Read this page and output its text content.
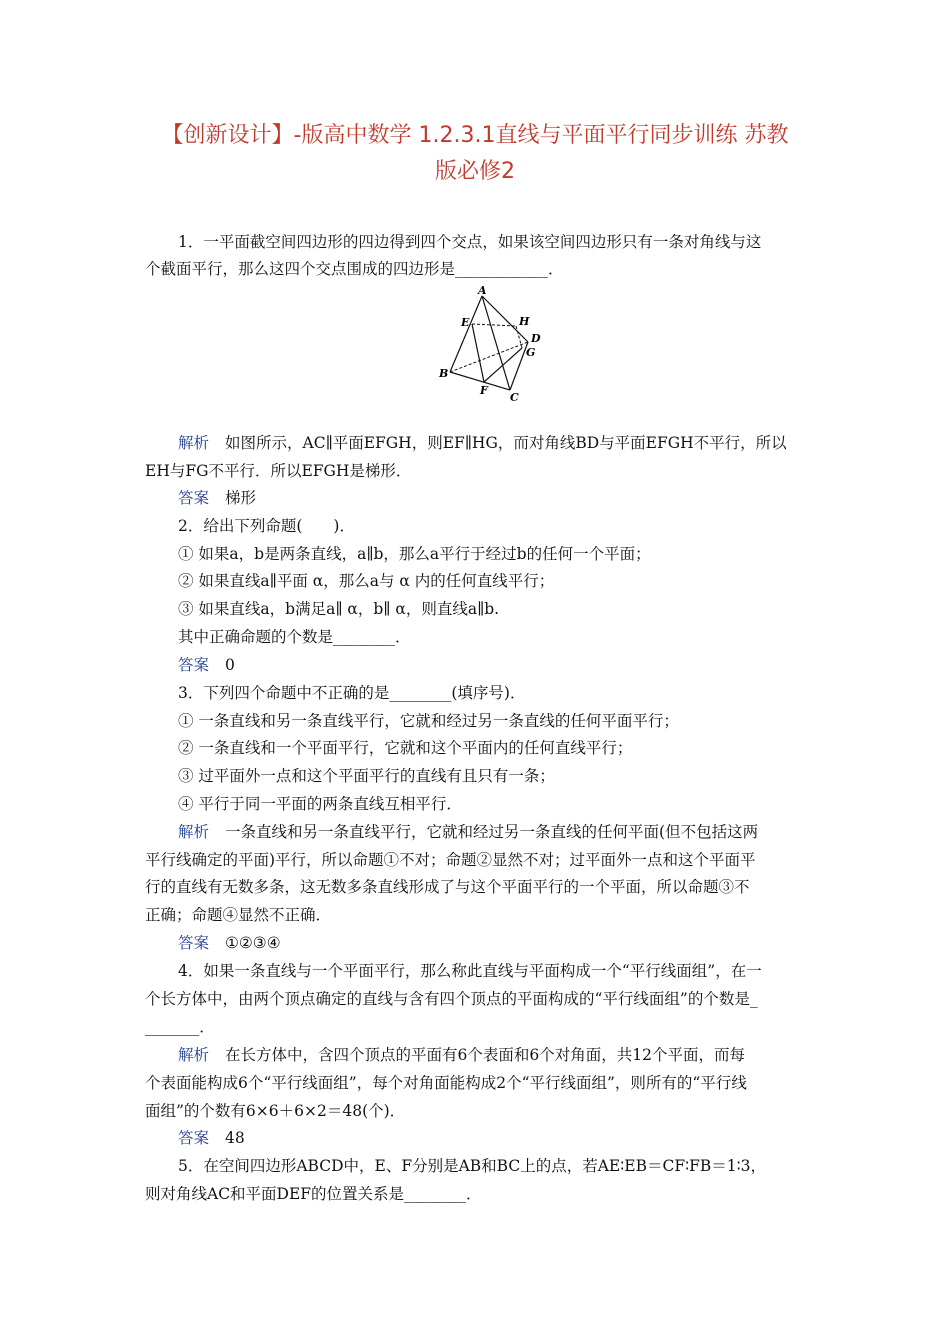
【创新设计】-版高中数学 1.2.3.1直线与平面平行同步训练 苏教
版必修2
1．一平面截空间四边形的四边得到四个交点，如果该空间四边形只有一条对角线与这
个截面平行，那么这四个交点围成的四边形是____________．
A
E	H
D
G
B
F
C
解析 如图所示，AC∥平面EFGH，则EF∥HG，而对角线BD与平面EFGH不平行，所以
EH与FG不平行．所以EFGH是梯形．
答案 梯形
2．给出下列命题(　　)．
① 如果a，b是两条直线，a∥b，那么a平行于经过b的任何一个平面；
② 如果直线a∥平面 α，那么a与 α 内的任何直线平行；
③ 如果直线a，b满足a∥ α，b∥ α，则直线a∥b.
其中正确命题的个数是________．
答案 0
3．下列四个命题中不正确的是________(填序号)．
① 一条直线和另一条直线平行，它就和经过另一条直线的任何平面平行；
② 一条直线和一个平面平行，它就和这个平面内的任何直线平行；
③ 过平面外一点和这个平面平行的直线有且只有一条；
④ 平行于同一平面的两条直线互相平行．
解析 一条直线和另一条直线平行，它就和经过另一条直线的任何平面(但不包括这两
平行线确定的平面)平行，所以命题①不对；命题②显然不对；过平面外一点和这个平面平
行的直线有无数多条，这无数多条直线形成了与这个平面平行的一个平面，所以命题③不
正确；命题④显然不正确．
答案 ①②③④
4．如果一条直线与一个平面平行，那么称此直线与平面构成一个“平行线面组”，在一
个长方体中，由两个顶点确定的直线与含有四个顶点的平面构成的“平行线面组”的个数是_
_______．
解析 在长方体中，含四个顶点的平面有6个表面和6个对角面，共12个平面，而每
个表面能构成6个“平行线面组”，每个对角面能构成2个“平行线面组”，则所有的“平行线
面组”的个数有6×6＋6×2＝48(个)．
答案 48
5．在空间四边形ABCD中，E、F分别是AB和BC上的点，若AE∶EB＝CF∶FB＝1∶3，
则对角线AC和平面DEF的位置关系是________．
